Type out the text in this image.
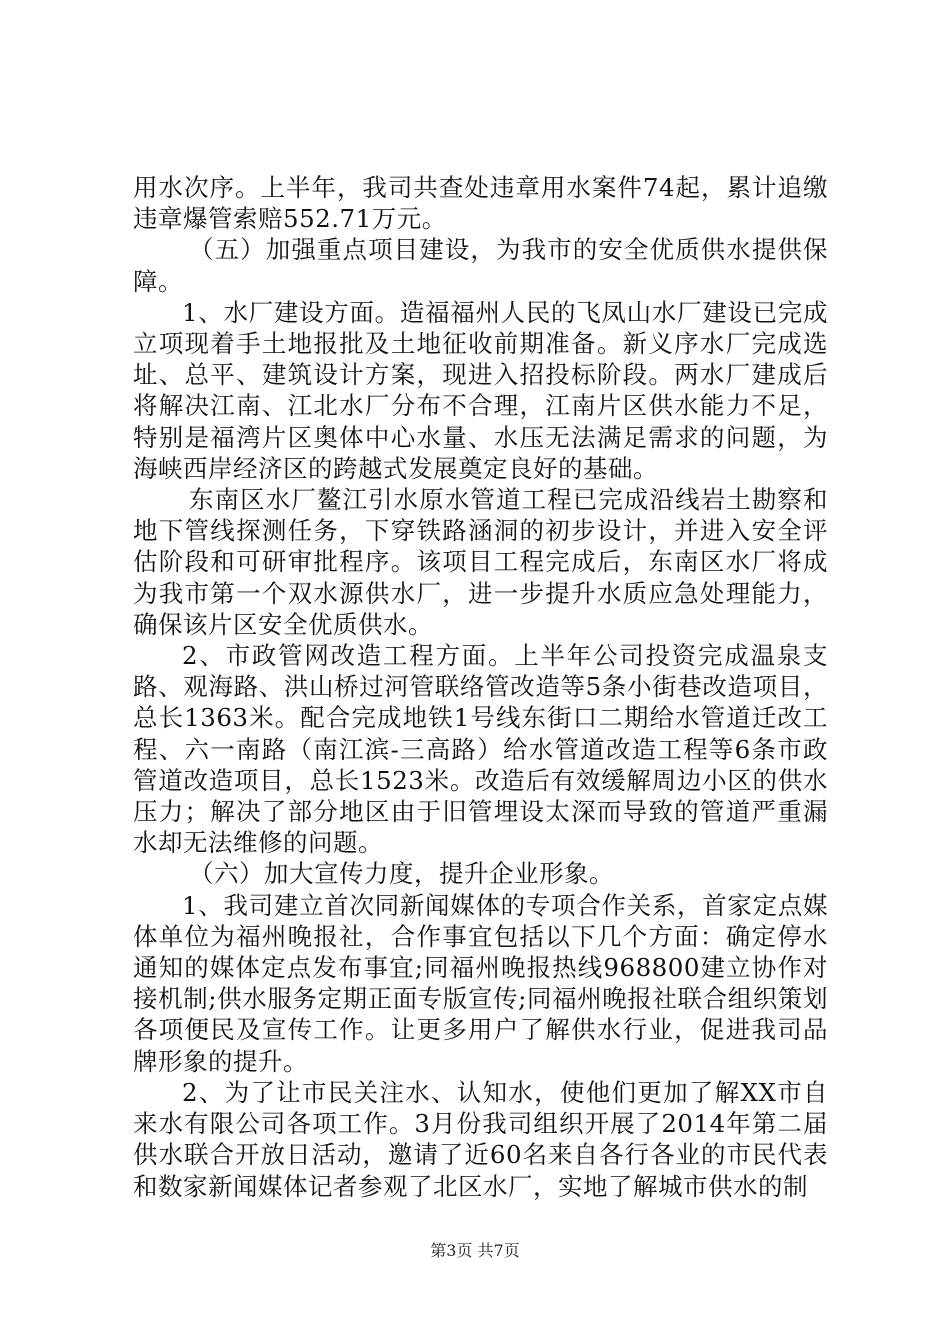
用水次序。上半年，我司共查处违章用水案件74起，累计追缴违章爆管索赔552.71万元。

（五）加强重点项目建设，为我市的安全优质供水提供保障。

1、水厂建设方面。造福福州人民的飞凤山水厂建设已完成立项现着手土地报批及土地征收前期准备。新义序水厂完成选址、总平、建筑设计方案，现进入招投标阶段。两水厂建成后将解决江南、江北水厂分布不合理，江南片区供水能力不足，特别是福湾片区奥体中心水量、水压无法满足需求的问题，为海峡西岸经济区的跨越式发展奠定良好的基础。

东南区水厂鳌江引水原水管道工程已完成沿线岩土勘察和地下管线探测任务，下穿铁路涵洞的初步设计，并进入安全评估阶段和可研审批程序。该项目工程完成后，东南区水厂将成为我市第一个双水源供水厂，进一步提升水质应急处理能力，确保该片区安全优质供水。

2、市政管网改造工程方面。上半年公司投资完成温泉支路、观海路、洪山桥过河管联络管改造等5条小街巷改造项目，总长1363米。配合完成地铁1号线东街口二期给水管道迁改工程、六一南路（南江滨-三高路）给水管道改造工程等6条市政管道改造项目，总长1523米。改造后有效缓解周边小区的供水压力；解决了部分地区由于旧管埋设太深而导致的管道严重漏水却无法维修的问题。

（六）加大宣传力度，提升企业形象。

1、我司建立首次同新闻媒体的专项合作关系，首家定点媒体单位为福州晚报社，合作事宜包括以下几个方面：确定停水通知的媒体定点发布事宜;同福州晚报热线968800建立协作对接机制;供水服务定期正面专版宣传;同福州晚报社联合组织策划各项便民及宣传工作。让更多用户了解供水行业，促进我司品牌形象的提升。

2、为了让市民关注水、认知水，使他们更加了解XX市自来水有限公司各项工作。3月份我司组织开展了2014年第二届供水联合开放日活动，邀请了近60名来自各行各业的市民代表和数家新闻媒体记者参观了北区水厂，实地了解城市供水的制

第3页 共7页
